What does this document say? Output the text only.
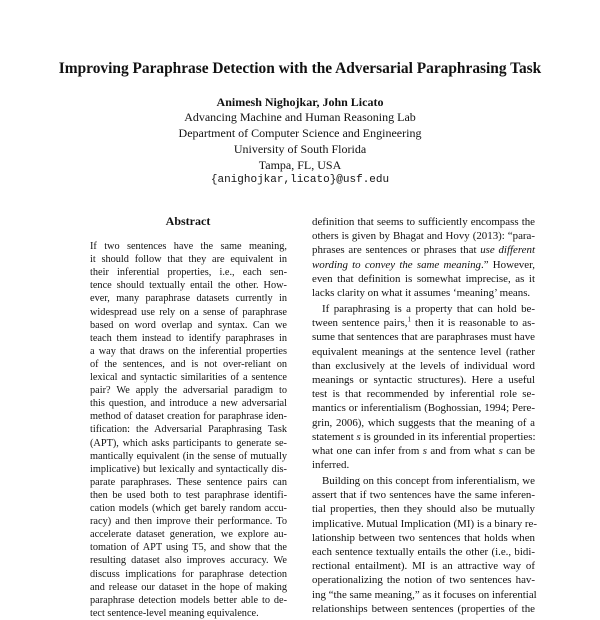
Improving Paraphrase Detection with the Adversarial Paraphrasing Task
Animesh Nighojkar, John Licato
Advancing Machine and Human Reasoning Lab
Department of Computer Science and Engineering
University of South Florida
Tampa, FL, USA
{anighojkar,licato}@usf.edu
Abstract
If two sentences have the same meaning,
it should follow that they are equivalent in
their inferential properties, i.e., each sen-
tence should textually entail the other. How-
ever, many paraphrase datasets currently in
widespread use rely on a sense of paraphrase
based on word overlap and syntax. Can we
teach them instead to identify paraphrases in
a way that draws on the inferential properties
of the sentences, and is not over-reliant on
lexical and syntactic similarities of a sentence
pair? We apply the adversarial paradigm to
this question, and introduce a new adversarial
method of dataset creation for paraphrase iden-
tification: the Adversarial Paraphrasing Task
(APT), which asks participants to generate se-
mantically equivalent (in the sense of mutually
implicative) but lexically and syntactically dis-
parate paraphrases. These sentence pairs can
then be used both to test paraphrase identifi-
cation models (which get barely random accu-
racy) and then improve their performance. To
accelerate dataset generation, we explore au-
tomation of APT using T5, and show that the
resulting dataset also improves accuracy. We
discuss implications for paraphrase detection
and release our dataset in the hope of making
paraphrase detection models better able to de-
tect sentence-level meaning equivalence.
definition that seems to sufficiently encompass the
others is given by Bhagat and Hovy (2013): “para-
phrases are sentences or phrases that use different
wording to convey the same meaning.” However,
even that definition is somewhat imprecise, as it
lacks clarity on what it assumes ‘meaning’ means.
If paraphrasing is a property that can hold be-
tween sentence pairs,$^1$ then it is reasonable to as-
sume that sentences that are paraphrases must have
equivalent meanings at the sentence level (rather
than exclusively at the levels of individual word
meanings or syntactic structures). Here a useful
test is that recommended by inferential role se-
mantics or inferentialism (Boghossian, 1994; Pere-
grin, 2006), which suggests that the meaning of a
statement s is grounded in its inferential properties:
what one can infer from s and from what s can be
inferred.
Building on this concept from inferentialism, we
assert that if two sentences have the same inferen-
tial properties, then they should also be mutually
implicative. Mutual Implication (MI) is a binary re-
lationship between two sentences that holds when
each sentence textually entails the other (i.e., bidi-
rectional entailment). MI is an attractive way of
operationalizing the notion of two sentences hav-
ing “the same meaning,” as it focuses on inferential
relationships between sentences (properties of the
